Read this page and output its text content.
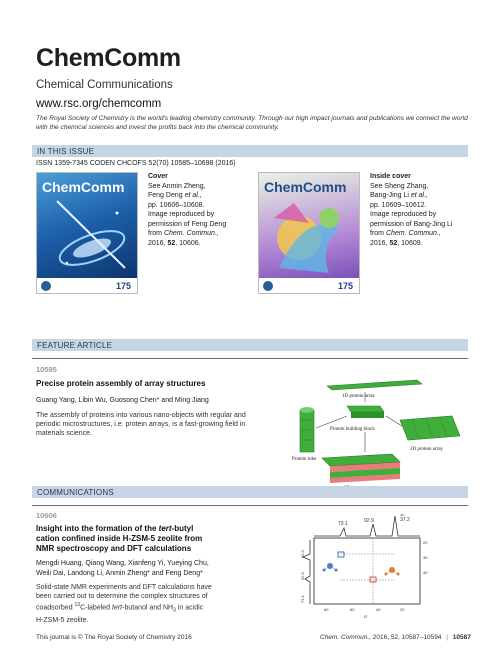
ChemComm
Chemical Communications
www.rsc.org/chemcomm
The Royal Society of Chemistry is the world's leading chemistry community. Through our high impact journals and publications we connect the world with the chemical sciences and invest the profits back into the chemical community.
IN THIS ISSUE
ISSN 1359-7345 CODEN CHCOFS 52(70) 10585–10698 (2016)
ChemComm
175
Cover
See Anmin Zheng,
Feng Deng et al.,
pp. 10606–10608.
Image reproduced by
permission of Feng Deng
from Chem. Commun.,
2016, 52, 10606.
ChemComm
175
Inside cover
See Sheng Zhang,
Bang-Jing Li et al.,
pp. 10609–10612.
Image reproduced by
permission of Bang-Jing Li
from Chem. Commun.,
2016, 52, 10609.
FEATURE ARTICLE
10595
Precise protein assembly of array structures
Guang Yang, Libin Wu, Guosong Chen* and Ming Jiang
The assembly of proteins into various nano-objects with regular and periodic microstructures, i.e. protein arrays, is a fast-growing field in materials science.
1D protein array
Protein building block
Protein tube
2D protein array
COMMUNICATIONS
10606
Insight into the formation of the tert-butyl
cation confined inside H-ZSM-5 zeolite from
NMR spectroscopy and DFT calculations
Mengdi Huang, Qiang Wang, Xianfeng Yi, Yueying Chu,
Weili Dai, Landong Li, Anmin Zheng* and Feng Deng*
Solid-state NMR experiments and DFT calculations have
been carried out to determine the complex structures of
coadsorbed $^{13}$C-labeled tert-butanol and $NH_3$ in acidic
H-ZSM-5 zeolite.
73.1	92.9	37.2
30
92.9
52.9
73.1
20
30
40
60	60	40	20
f2
This journal is © The Royal Society of Chemistry 2016	Chem. Commun., 2016, 52, 10587–10594 | 10587
